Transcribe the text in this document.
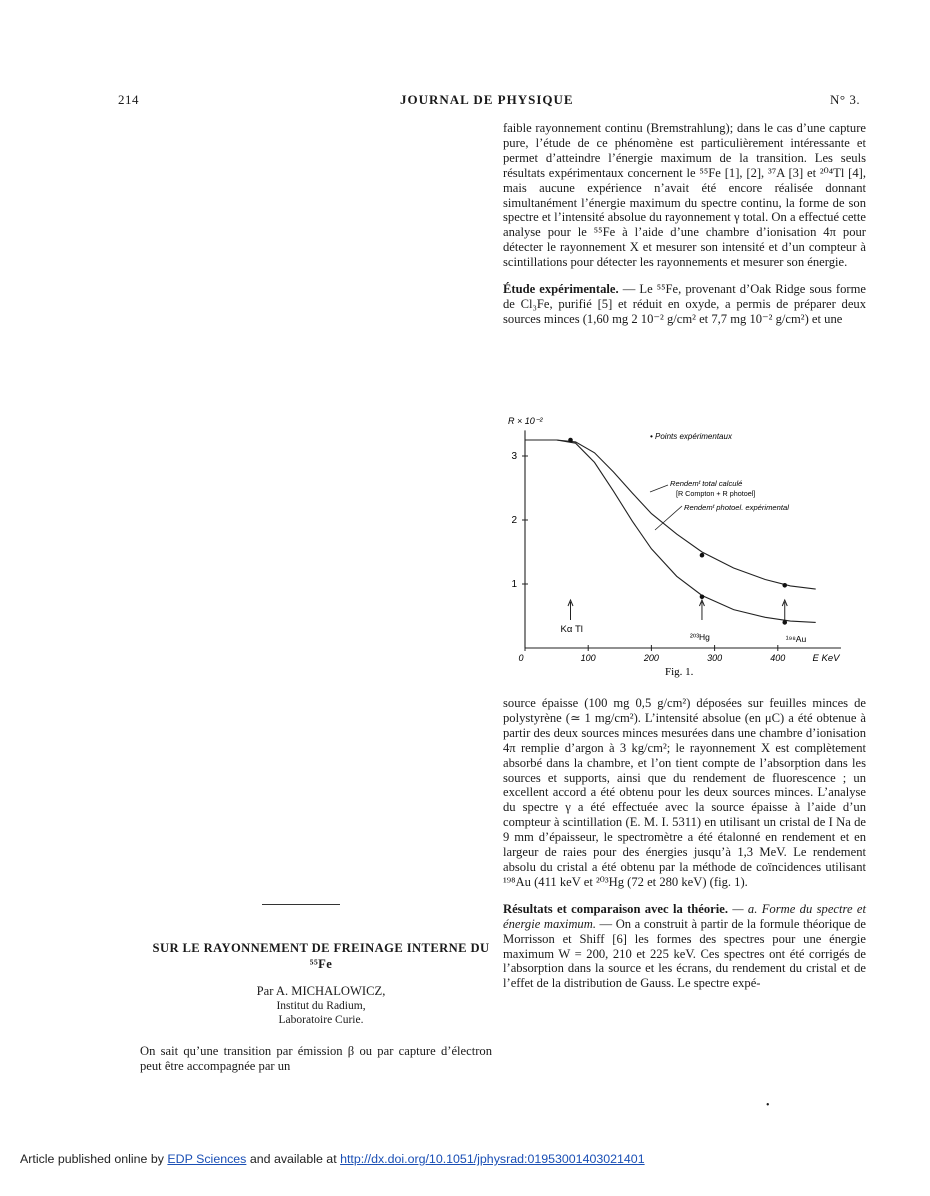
214	JOURNAL DE PHYSIQUE	N° 3.

faible rayonnement continu (Bremstrahlung); dans le cas d’une capture pure, l’étude de ce phénomène est particulièrement intéressante et permet d’atteindre l’énergie maximum de la transition. Les seuls résultats expérimentaux concernent le ⁵⁵Fe [1], [2], ³⁷A [3] et ²⁰⁴Tl [4], mais aucune expérience n’avait été encore réalisée donnant simultanément l’énergie maximum du spectre continu, la forme de son spectre et l’intensité absolue du rayonnement γ total. On a effectué cette analyse pour le ⁵⁵Fe à l’aide d’une chambre d’ionisation 4π pour détecter le rayonnement X et mesurer son intensité et d’un compteur à scintillations pour détecter les rayonnements et mesurer son énergie.

Étude expérimentale. — Le ⁵⁵Fe, provenant d’Oak Ridge sous forme de Cl₃Fe, purifié [5] et réduit en oxyde, a permis de préparer deux sources minces (1,60 mg 2 10⁻² g/cm² et 7,7 mg 10⁻² g/cm²) et une

0	100	200	300	400
1
2
3
R × 10⁻²
E KeV
Kα Tl
²⁰³Hg	¹⁹⁸Au
• Points expérimentaux
Rendemᵗ total calculé
[R Compton + R photoel]
Rendemᵗ photoel. expérimental
Fig. 1.

source épaisse (100 mg 0,5 g/cm²) déposées sur feuilles minces de polystyrène (≃ 1 mg/cm²). L’intensité absolue (en μC) a été obtenue à partir des deux sources minces mesurées dans une chambre d’ionisation 4π remplie d’argon à 3 kg/cm²; le rayonnement X est complètement absorbé dans la chambre, et l’on tient compte de l’absorption dans les sources et supports, ainsi que du rendement de fluorescence ; un excellent accord a été obtenu pour les deux sources minces. L’analyse du spectre γ a été effectuée avec la source épaisse à l’aide d’un compteur à scintillation (E. M. I. 5311) en utilisant un cristal de I Na de 9 mm d’épaisseur, le spectromètre a été étalonné en rendement et en largeur de raies pour des énergies jusqu’à 1,3 MeV. Le rendement absolu du cristal a été obtenu par la méthode de coïncidences utilisant ¹⁹⁸Au (411 keV et ²⁰³Hg (72 et 280 keV) (fig. 1).

Résultats et comparaison avec la théorie. — a. Forme du spectre et énergie maximum. — On a construit à partir de la formule théorique de Morrisson et Shiff [6] les formes des spectres pour une énergie maximum W = 200, 210 et 225 keV. Ces spectres ont été corrigés de l’absorption dans la source et les écrans, du rendement du cristal et de l’effet de la distribution de Gauss. Le spectre expé-

SUR LE RAYONNEMENT DE FREINAGE INTERNE DU ⁵⁵Fe
Par A. MICHALOWICZ,
Institut du Radium,
Laboratoire Curie.

On sait qu’une transition par émission β ou par capture d’électron peut être accompagnée par un

•
Article published online by EDP Sciences and available at http://dx.doi.org/10.1051/jphysrad:01953001403021401
